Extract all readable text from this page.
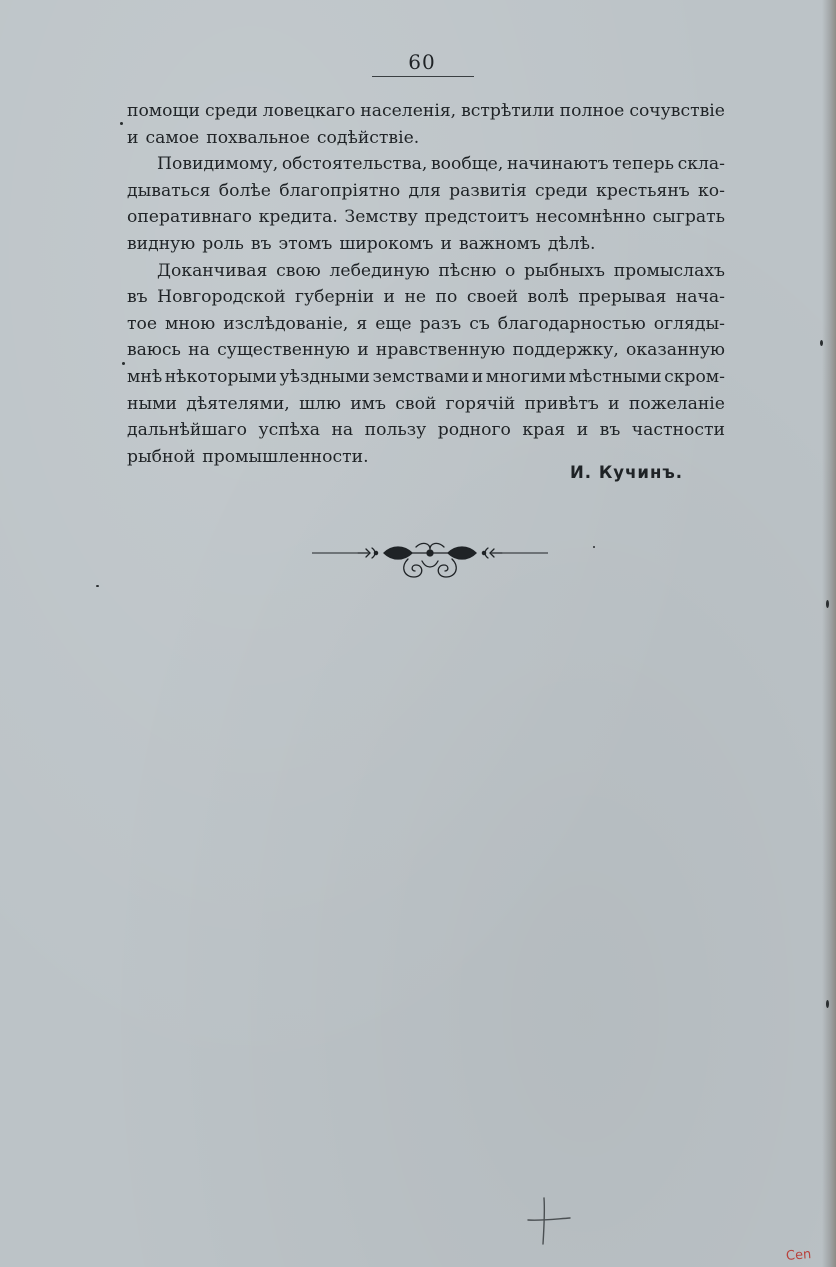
60
помощи среди ловецкаго населенія, встрѣтили полное сочувствіе
и самое похвальное содѣйствіе.
Повидимому, обстоятельства, вообще, начинаютъ теперь скла-
дываться болѣе благопріятно для развитія среди крестьянъ ко-
оперативнаго кредита. Земству предстоитъ несомнѣнно сыграть
видную роль въ этомъ широкомъ и важномъ дѣлѣ.
Доканчивая свою лебединую пѣсню о рыбныхъ промыслахъ
въ Новгородской губерніи и не по своей волѣ прерывая нача-
тое мною изслѣдованіе, я еще разъ съ благодарностью огляды-
ваюсь на существенную и нравственную поддержку, оказанную
мнѣ нѣкоторыми уѣздными земствами и многими мѣстными скром-
ными дѣятелями, шлю имъ свой горячій привѣтъ и пожеланіе
дальнѣйшаго успѣха на пользу родного края и въ частности
рыбной промышленности.
И. Кучинъ.
Cen
